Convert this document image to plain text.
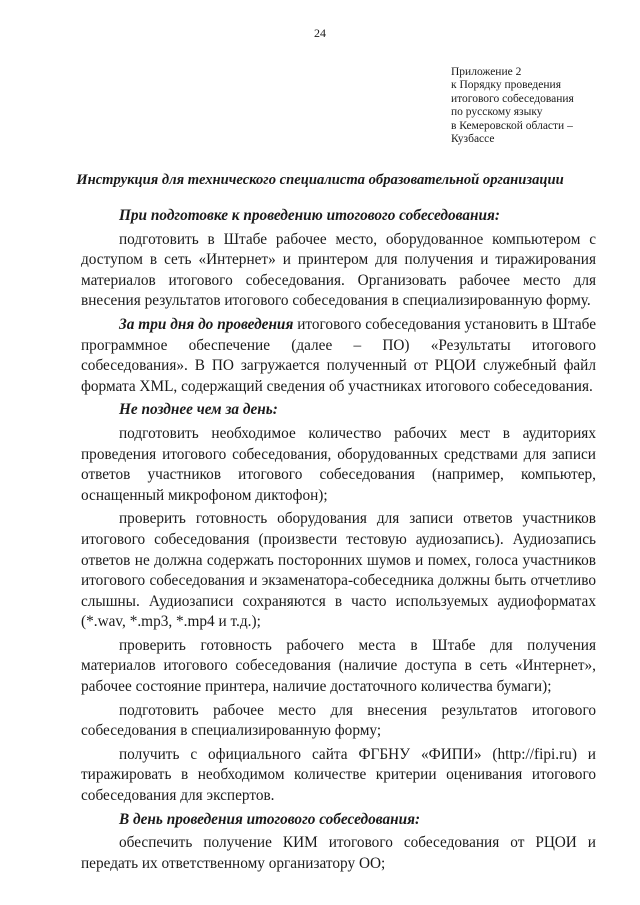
24
Приложение 2
к Порядку проведения
итогового собеседования
по русскому языку
в Кемеровской области –
Кузбассе
Инструкция для технического специалиста образовательной организации

При подготовке к проведению итогового собеседования:

подготовить в Штабе рабочее место, оборудованное компьютером с доступом в сеть «Интернет» и принтером для получения и тиражирования материалов итогового собеседования. Организовать рабочее место для внесения результатов итогового собеседования в специализированную форму.

За три дня до проведения итогового собеседования установить в Штабе программное обеспечение (далее – ПО) «Результаты итогового собеседования». В ПО загружается полученный от РЦОИ служебный файл формата XML, содержащий сведения об участниках итогового собеседования.

Не позднее чем за день:

подготовить необходимое количество рабочих мест в аудиториях проведения итогового собеседования, оборудованных средствами для записи ответов участников итогового собеседования (например, компьютер, оснащенный микрофоном диктофон);

проверить готовность оборудования для записи ответов участников итогового собеседования (произвести тестовую аудиозапись). Аудиозапись ответов не должна содержать посторонних шумов и помех, голоса участников итогового собеседования и экзаменатора-собеседника должны быть отчетливо слышны. Аудиозаписи сохраняются в часто используемых аудиоформатах (*.wav, *.mp3, *.mp4 и т.д.);

проверить готовность рабочего места в Штабе для получения материалов итогового собеседования (наличие доступа в сеть «Интернет», рабочее состояние принтера, наличие достаточного количества бумаги);

подготовить рабочее место для внесения результатов итогового собеседования в специализированную форму;

получить с официального сайта ФГБНУ «ФИПИ» (http://fipi.ru) и тиражировать в необходимом количестве критерии оценивания итогового собеседования для экспертов.

В день проведения итогового собеседования:

обеспечить получение КИМ итогового собеседования от РЦОИ и передать их ответственному организатору ОО;
